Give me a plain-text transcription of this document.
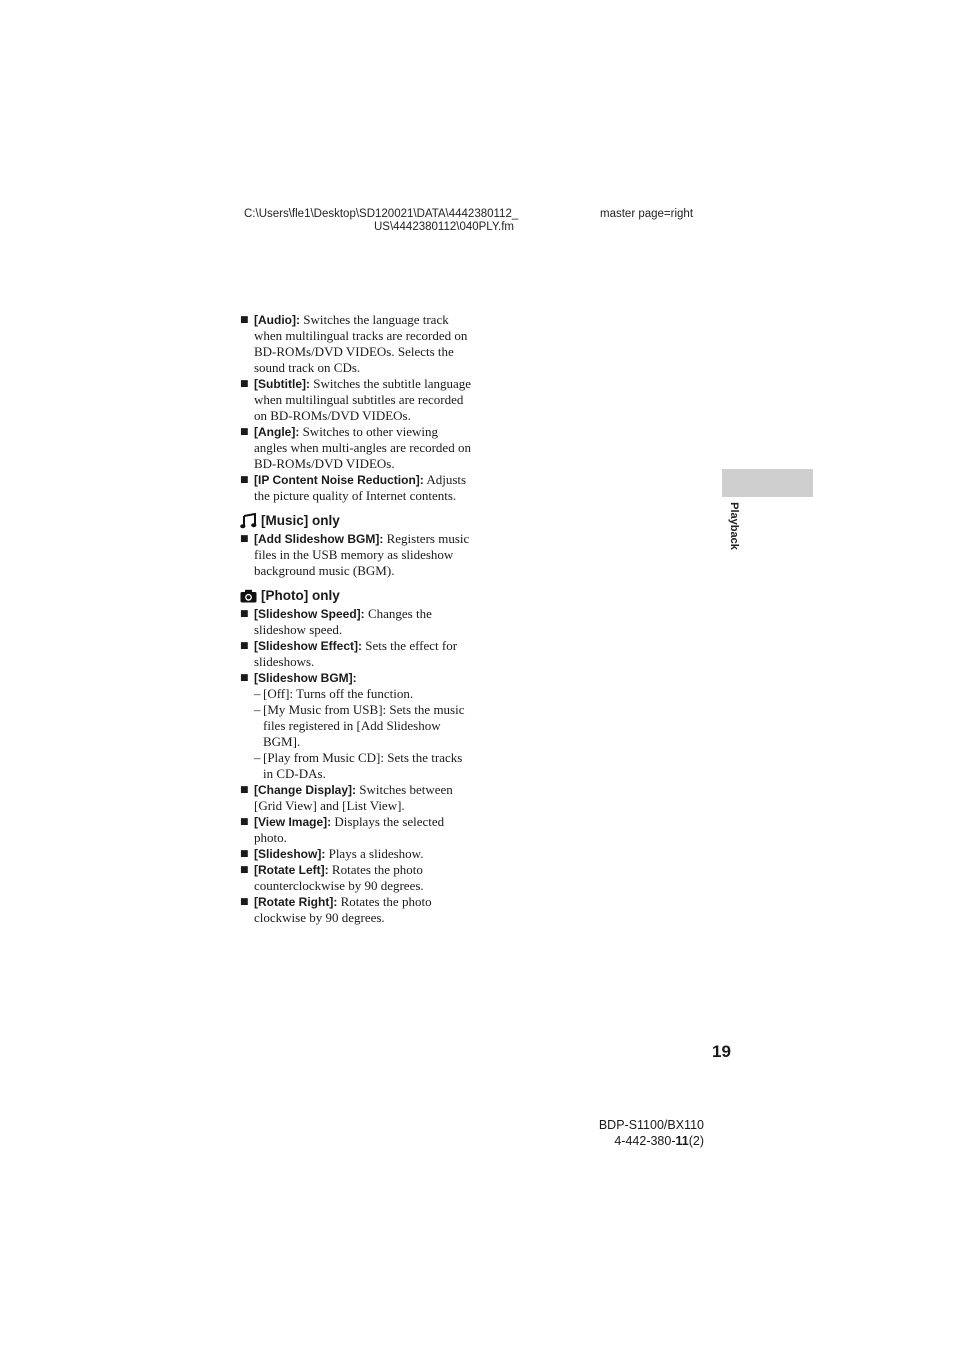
C:\Users\fle1\Desktop\SD120021\DATA\4442380112_
US\4442380112\040PLY.fm
master page=right
■ [Audio]: Switches the language track when multilingual tracks are recorded on BD-ROMs/DVD VIDEOs. Selects the sound track on CDs.
■ [Subtitle]: Switches the subtitle language when multilingual subtitles are recorded on BD-ROMs/DVD VIDEOs.
■ [Angle]: Switches to other viewing angles when multi-angles are recorded on BD-ROMs/DVD VIDEOs.
■ [IP Content Noise Reduction]: Adjusts the picture quality of Internet contents.
[Music] only
■ [Add Slideshow BGM]: Registers music files in the USB memory as slideshow background music (BGM).
[Photo] only
■ [Slideshow Speed]: Changes the slideshow speed.
■ [Slideshow Effect]: Sets the effect for slideshows.
■ [Slideshow BGM]:
– [Off]: Turns off the function.
– [My Music from USB]: Sets the music files registered in [Add Slideshow BGM].
– [Play from Music CD]: Sets the tracks in CD-DAs.
■ [Change Display]: Switches between [Grid View] and [List View].
■ [View Image]: Displays the selected photo.
■ [Slideshow]: Plays a slideshow.
■ [Rotate Left]: Rotates the photo counterclockwise by 90 degrees.
■ [Rotate Right]: Rotates the photo clockwise by 90 degrees.
Playback
19
BDP-S1100/BX110
4-442-380-11(2)
